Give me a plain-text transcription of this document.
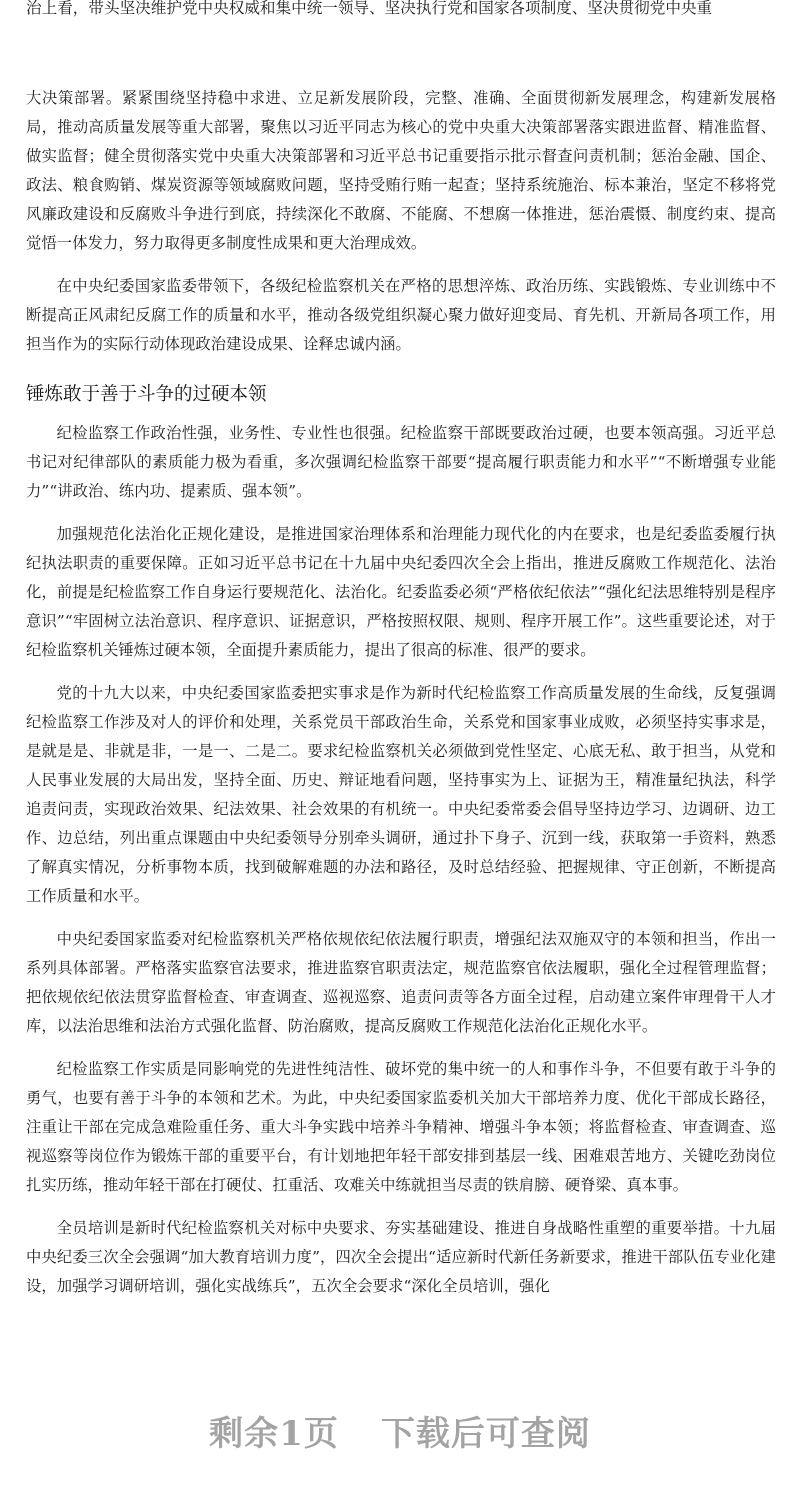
治上看，带头坚决维护党中央权威和集中统一领导、坚决执行党和国家各项制度、坚决贯彻党中央重

大决策部署。紧紧围绕坚持稳中求进、立足新发展阶段，完整、准确、全面贯彻新发展理念，构建新发展格局，推动高质量发展等重大部署，聚焦以习近平同志为核心的党中央重大决策部署落实跟进监督、精准监督、做实监督；健全贯彻落实党中央重大决策部署和习近平总书记重要指示批示督查问责机制；惩治金融、国企、政法、粮食购销、煤炭资源等领域腐败问题，坚持受贿行贿一起查；坚持系统施治、标本兼治，坚定不移将党风廉政建设和反腐败斗争进行到底，持续深化不敢腐、不能腐、不想腐一体推进，惩治震慑、制度约束、提高觉悟一体发力，努力取得更多制度性成果和更大治理成效。

在中央纪委国家监委带领下，各级纪检监察机关在严格的思想淬炼、政治历练、实践锻炼、专业训练中不断提高正风肃纪反腐工作的质量和水平，推动各级党组织凝心聚力做好迎变局、育先机、开新局各项工作，用担当作为的实际行动体现政治建设成果、诠释忠诚内涵。

锤炼敢于善于斗争的过硬本领

纪检监察工作政治性强，业务性、专业性也很强。纪检监察干部既要政治过硬，也要本领高强。习近平总书记对纪律部队的素质能力极为看重，多次强调纪检监察干部要“提高履行职责能力和水平”“不断增强专业能力”“讲政治、练内功、提素质、强本领”。

加强规范化法治化正规化建设，是推进国家治理体系和治理能力现代化的内在要求，也是纪委监委履行执纪执法职责的重要保障。正如习近平总书记在十九届中央纪委四次全会上指出，推进反腐败工作规范化、法治化，前提是纪检监察工作自身运行要规范化、法治化。纪委监委必须“严格依纪依法”“强化纪法思维特别是程序意识”“牢固树立法治意识、程序意识、证据意识，严格按照权限、规则、程序开展工作”。这些重要论述，对于纪检监察机关锤炼过硬本领，全面提升素质能力，提出了很高的标准、很严的要求。

党的十九大以来，中央纪委国家监委把实事求是作为新时代纪检监察工作高质量发展的生命线，反复强调纪检监察工作涉及对人的评价和处理，关系党员干部政治生命，关系党和国家事业成败，必须坚持实事求是，是就是是、非就是非，一是一、二是二。要求纪检监察机关必须做到党性坚定、心底无私、敢于担当，从党和人民事业发展的大局出发，坚持全面、历史、辩证地看问题，坚持事实为上、证据为王，精准量纪执法，科学追责问责，实现政治效果、纪法效果、社会效果的有机统一。中央纪委常委会倡导坚持边学习、边调研、边工作、边总结，列出重点课题由中央纪委领导分别牵头调研，通过扑下身子、沉到一线，获取第一手资料，熟悉了解真实情况，分析事物本质，找到破解难题的办法和路径，及时总结经验、把握规律、守正创新，不断提高工作质量和水平。

中央纪委国家监委对纪检监察机关严格依规依纪依法履行职责，增强纪法双施双守的本领和担当，作出一系列具体部署。严格落实监察官法要求，推进监察官职责法定，规范监察官依法履职，强化全过程管理监督；把依规依纪依法贯穿监督检查、审查调查、巡视巡察、追责问责等各方面全过程，启动建立案件审理骨干人才库，以法治思维和法治方式强化监督、防治腐败，提高反腐败工作规范化法治化正规化水平。

纪检监察工作实质是同影响党的先进性纯洁性、破坏党的集中统一的人和事作斗争，不但要有敢于斗争的勇气，也要有善于斗争的本领和艺术。为此，中央纪委国家监委机关加大干部培养力度、优化干部成长路径，注重让干部在完成急难险重任务、重大斗争实践中培养斗争精神、增强斗争本领；将监督检查、审查调查、巡视巡察等岗位作为锻炼干部的重要平台，有计划地把年轻干部安排到基层一线、困难艰苦地方、关键吃劲岗位扎实历练，推动年轻干部在打硬仗、扛重活、攻难关中练就担当尽责的铁肩膀、硬脊梁、真本事。

全员培训是新时代纪检监察机关对标中央要求、夯实基础建设、推进自身战略性重塑的重要举措。十九届中央纪委三次全会强调“加大教育培训力度”，四次全会提出“适应新时代新任务新要求，推进干部队伍专业化建设，加强学习调研培训，强化实战练兵”，五次全会要求“深化全员培训，强化

剩余1页 下载后可查阅
